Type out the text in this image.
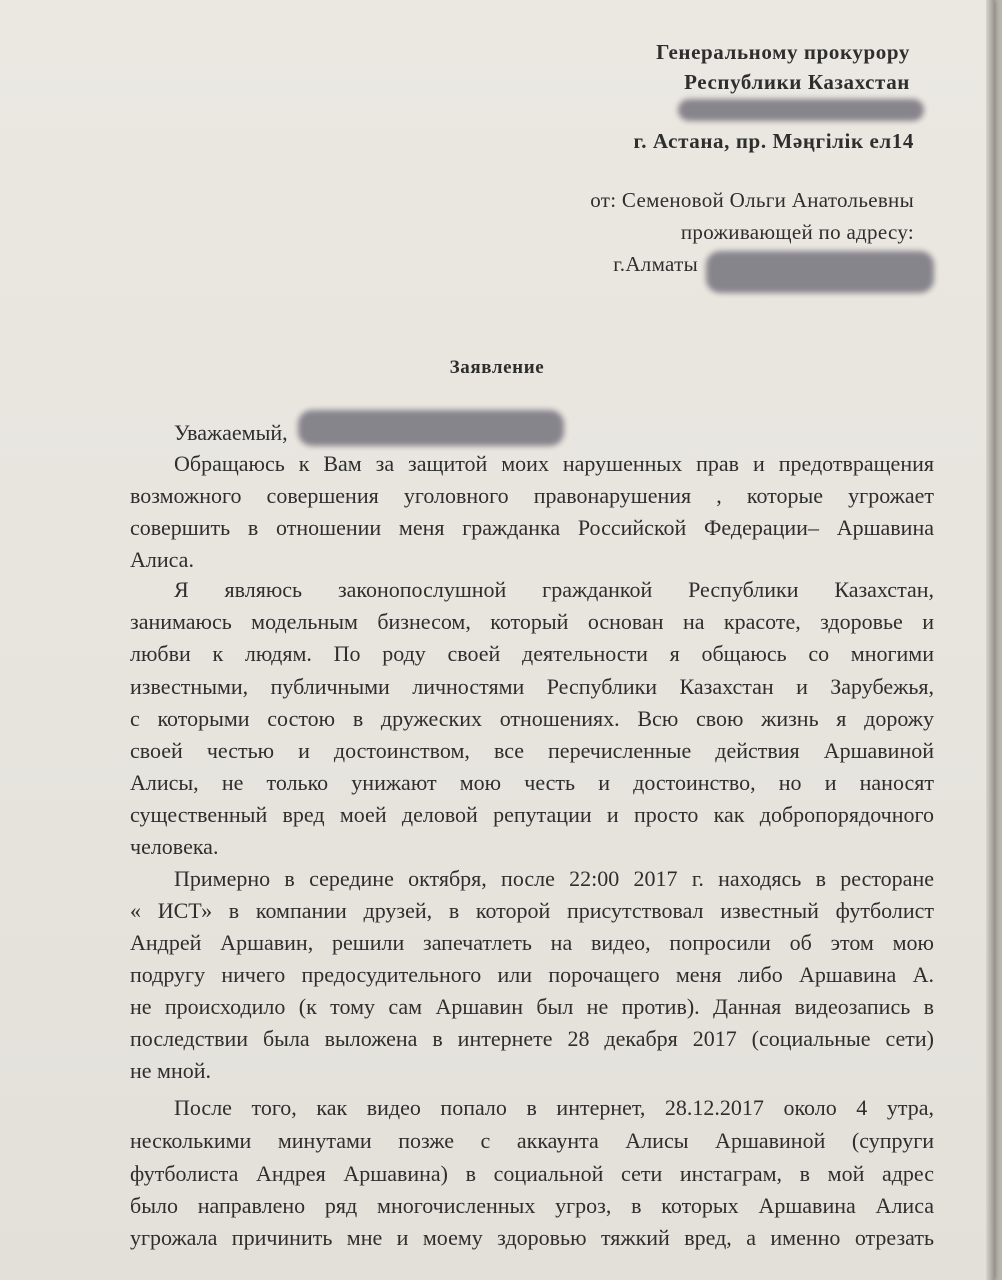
Генеральному прокурору
Республики Казахстан
г. Астана, пр. Мәңгілік ел14
от: Семеновой Ольги Анатольевны
проживающей по адресу:
г.Алматы
Заявление
Уважаемый,
Обращаюсь к Вам за защитой моих нарушенных прав и предотвращения
возможного совершения уголовного правонарушения , которые угрожает
совершить в отношении меня гражданка Российской Федерации– Аршавина
Алиса.
Я являюсь законопослушной гражданкой Республики Казахстан,
занимаюсь модельным бизнесом, который основан на красоте, здоровье и
любви к людям. По роду своей деятельности я общаюсь со многими
известными, публичными личностями Республики Казахстан и Зарубежья,
с которыми состою в дружеских отношениях. Всю свою жизнь я дорожу
своей честью и достоинством, все перечисленные действия Аршавиной
Алисы, не только унижают мою честь и достоинство, но и наносят
существенный вред моей деловой репутации и просто как добропорядочного
человека.
Примерно в середине октября, после 22:00 2017 г. находясь в ресторане
« ИСТ» в компании друзей, в которой присутствовал известный футболист
Андрей Аршавин, решили запечатлеть на видео, попросили об этом мою
подругу ничего предосудительного или порочащего меня либо Аршавина А.
не происходило (к тому сам Аршавин был не против). Данная видеозапись в
последствии была выложена в интернете 28 декабря 2017 (социальные сети)
не мной.
После того, как видео попало в интернет, 28.12.2017 около 4 утра,
несколькими минутами позже с аккаунта Алисы Аршавиной (супруги
футболиста Андрея Аршавина) в социальной сети инстаграм, в мой адрес
было направлено ряд многочисленных угроз, в которых Аршавина Алиса
угрожала причинить мне и моему здоровью тяжкий вред, а именно отрезать
